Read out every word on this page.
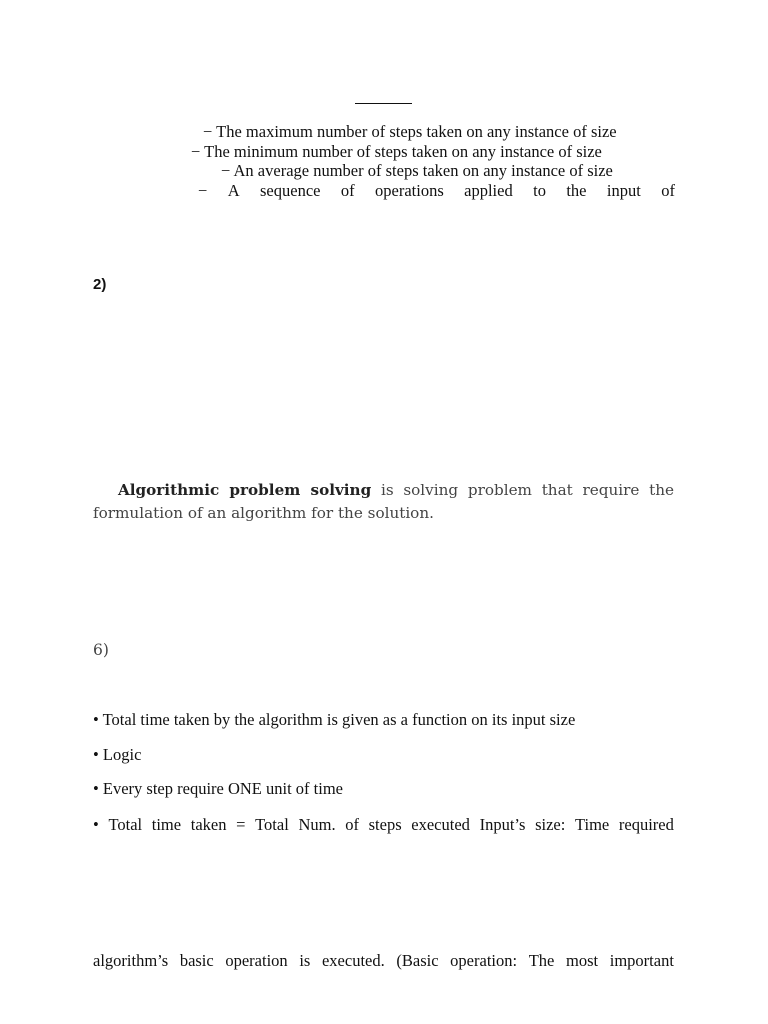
− The maximum number of steps taken on any instance of size
− The minimum number of steps taken on any instance of size
− An average number of steps taken on any instance of size
− A sequence of operations applied to the input of
2)
Algorithmic problem solving is solving problem that require the formulation of an algorithm for the solution.
6)
• Total time taken by the algorithm is given as a function on its input size
• Logic
• Every step require ONE unit of time
• Total time taken = Total Num. of steps executed Input’s size: Time required
algorithm’s basic operation is executed. (Basic operation: The most important
